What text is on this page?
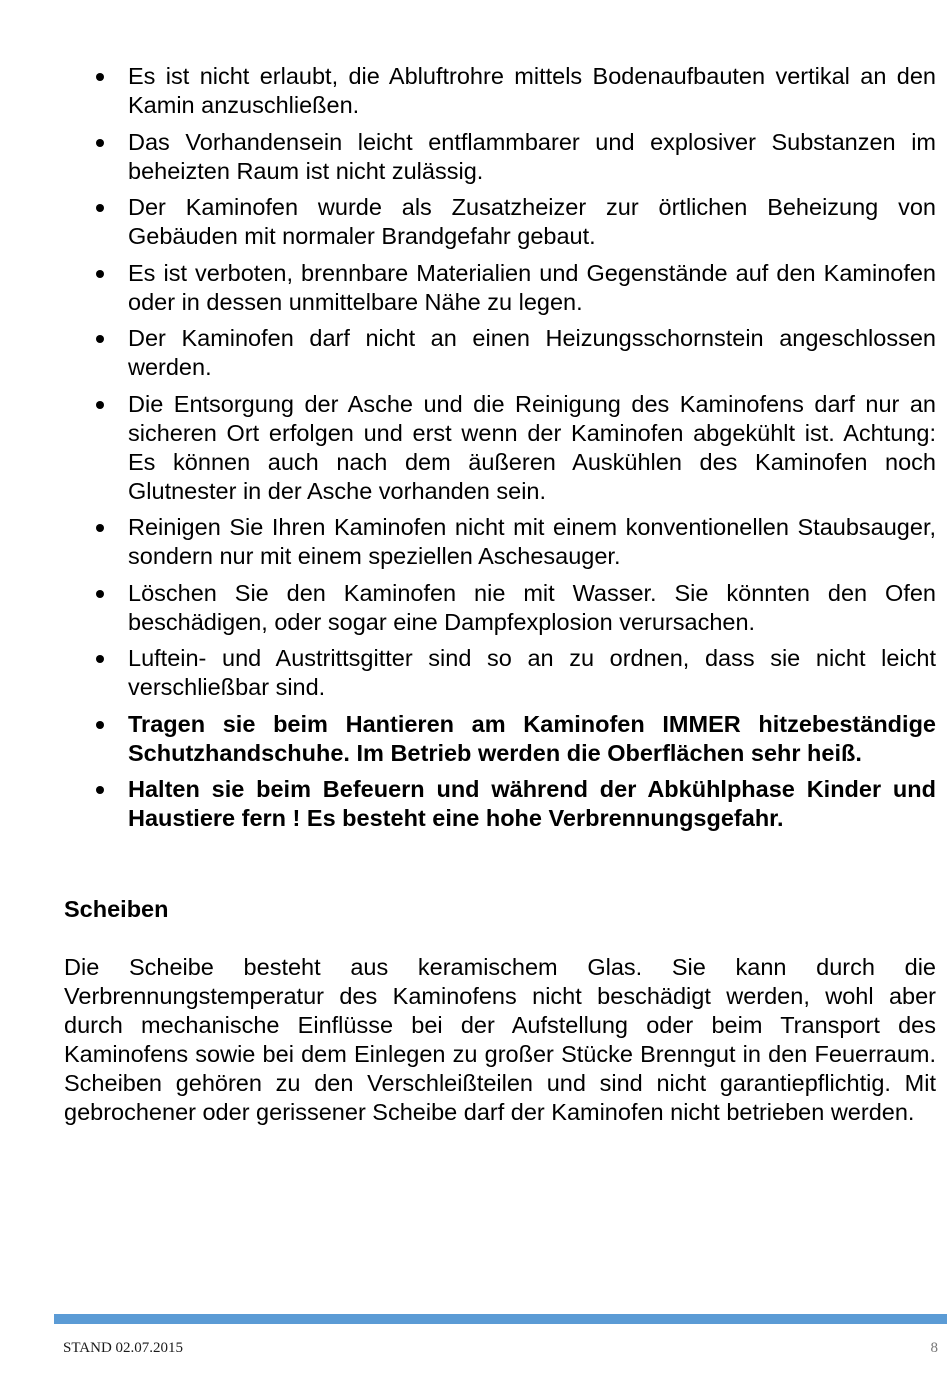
Es ist nicht erlaubt, die Abluftrohre mittels Bodenaufbauten vertikal an den Kamin anzuschließen.
Das Vorhandensein leicht entflammbarer und explosiver Substanzen im beheizten Raum ist nicht zulässig.
Der Kaminofen wurde als Zusatzheizer zur örtlichen Beheizung von Gebäuden mit normaler Brandgefahr gebaut.
Es ist verboten, brennbare Materialien und Gegenstände auf den Kaminofen oder in dessen unmittelbare Nähe zu legen.
Der Kaminofen darf nicht an einen Heizungsschornstein angeschlossen werden.
Die Entsorgung der Asche und die Reinigung des Kaminofens darf nur an sicheren Ort erfolgen und erst wenn der Kaminofen abgekühlt ist. Achtung: Es können auch nach dem äußeren Auskühlen des Kaminofen noch Glutnester in der Asche vorhanden sein.
Reinigen Sie Ihren Kaminofen nicht mit einem konventionellen Staubsauger, sondern nur mit einem speziellen Aschesauger.
Löschen Sie den Kaminofen nie mit Wasser. Sie könnten den Ofen beschädigen, oder sogar eine Dampfexplosion verursachen.
Luftein- und Austrittsgitter sind so an zu ordnen, dass sie nicht leicht verschließbar sind.
Tragen sie beim Hantieren am Kaminofen IMMER hitzebeständige Schutzhandschuhe. Im Betrieb werden die Oberflächen sehr heiß.
Halten sie beim Befeuern und während der Abkühlphase Kinder und Haustiere fern ! Es besteht eine hohe Verbrennungsgefahr.
Scheiben

Die Scheibe besteht aus keramischem Glas. Sie kann durch die Verbrennungstemperatur des Kaminofens nicht beschädigt werden, wohl aber durch mechanische Einflüsse bei der Aufstellung oder beim Transport des Kaminofens sowie bei dem Einlegen zu großer Stücke Brenngut in den Feuerraum. Scheiben gehören zu den Verschleißteilen und sind nicht garantiepflichtig. Mit gebrochener oder gerissener Scheibe darf der Kaminofen nicht betrieben werden.

STAND 02.07.2015	8
